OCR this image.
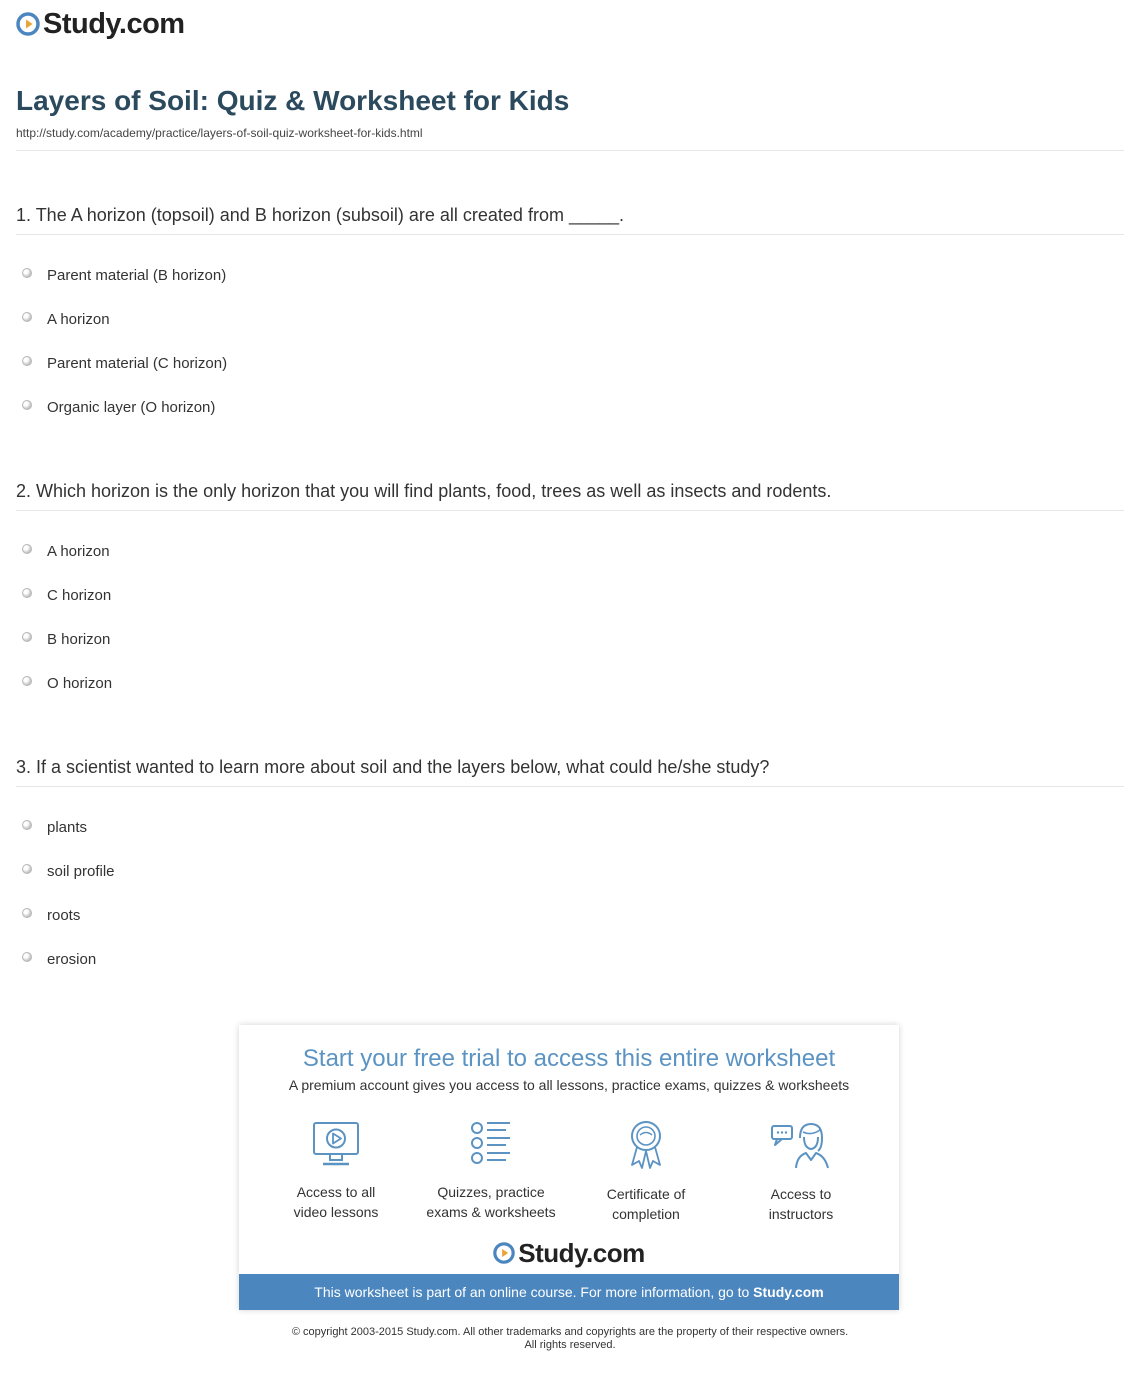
Study.com
Layers of Soil: Quiz & Worksheet for Kids
http://study.com/academy/practice/layers-of-soil-quiz-worksheet-for-kids.html
1. The A horizon (topsoil) and B horizon (subsoil) are all created from _____.
Parent material (B horizon)
A horizon
Parent material (C horizon)
Organic layer (O horizon)
2. Which horizon is the only horizon that you will find plants, food, trees as well as insects and rodents.
A horizon
C horizon
B horizon
O horizon
3. If a scientist wanted to learn more about soil and the layers below, what could he/she study?
plants
soil profile
roots
erosion
Start your free trial to access this entire worksheet
A premium account gives you access to all lessons, practice exams, quizzes & worksheets
Access to all
video lessons
Quizzes, practice
exams & worksheets
Certificate of
completion
Access to
instructors
Study.com
This worksheet is part of an online course. For more information, go to Study.com
© copyright 2003-2015 Study.com. All other trademarks and copyrights are the property of their respective owners.
All rights reserved.
